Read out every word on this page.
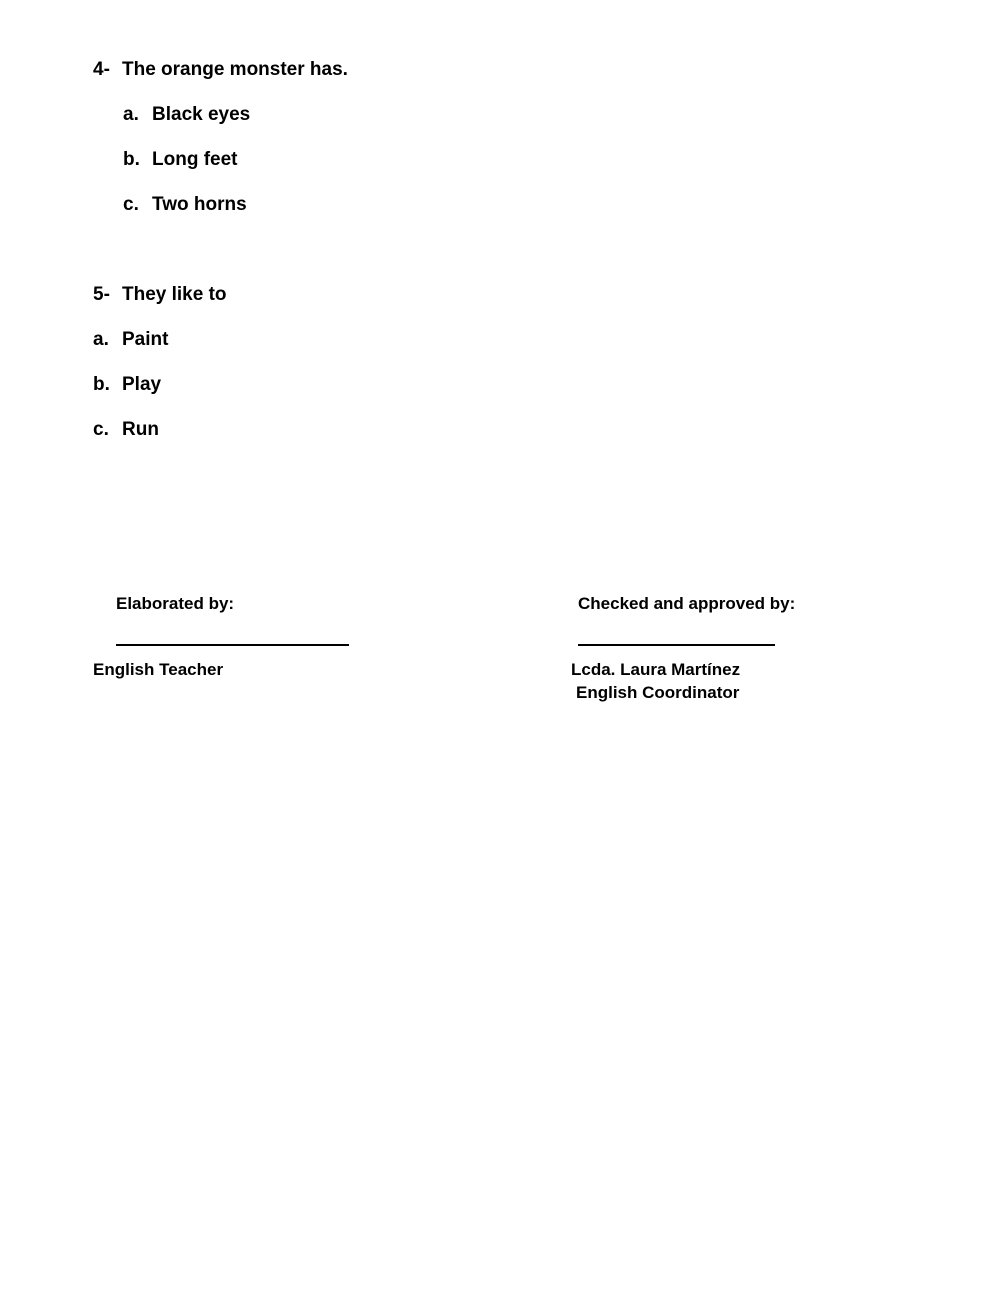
4- The orange monster has.
a. Black eyes
b. Long feet
c. Two horns
5- They like to
a. Paint
b. Play
c. Run
Elaborated by:
English Teacher
Checked and approved by:
Lcda. Laura Martínez
English Coordinator
